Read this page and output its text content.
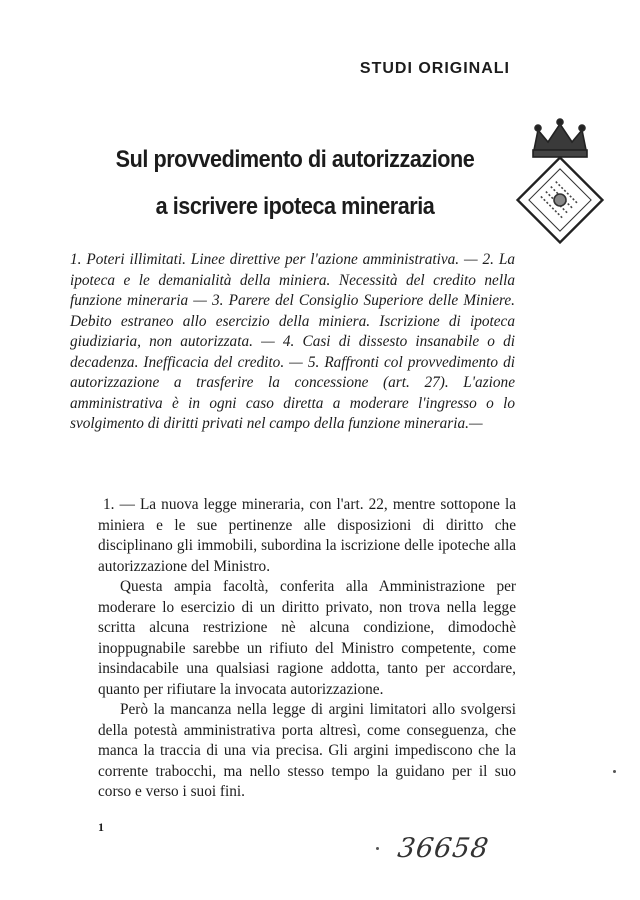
STUDI ORIGINALI
Sul provvedimento di autorizzazione
a iscrivere ipoteca mineraria

1. Poteri illimitati. Linee direttive per l'azione amministrativa. — 2. La ipoteca e le demanialità della miniera. Necessità del credito nella funzione mineraria — 3. Parere del Consiglio Superiore delle Miniere. Debito estraneo allo esercizio della miniera. Iscrizione di ipoteca giudiziaria, non autorizzata. — 4. Casi di dissesto insanabile o di decadenza. Inefficacia del credito. — 5. Raffronti col provvedimento di autorizzazione a trasferire la concessione (art. 27). L'azione amministrativa è in ogni caso diretta a moderare l'ingresso o lo svolgimento di diritti privati nel campo della funzione mineraria.—

1. — La nuova legge mineraria, con l'art. 22, mentre sottopone la miniera e le sue pertinenze alle disposizioni di diritto che disciplinano gli immobili, subordina la iscrizione delle ipoteche alla autorizzazione del Ministro.

Questa ampia facoltà, conferita alla Amministrazione per moderare lo esercizio di un diritto privato, non trova nella legge scritta alcuna restrizione nè alcuna condizione, dimodochè inoppugnabile sarebbe un rifiuto del Ministro competente, come insindacabile una qualsiasi ragione addotta, tanto per accordare, quanto per rifiutare la invocata autorizzazione.

Però la mancanza nella legge di argini limitatori allo svolgersi della potestà amministrativa porta altresì, come conseguenza, che manca la traccia di una via precisa. Gli argini impediscono che la corrente trabocchi, ma nello stesso tempo la guidano per il suo corso e verso i suoi fini.

1
36658
